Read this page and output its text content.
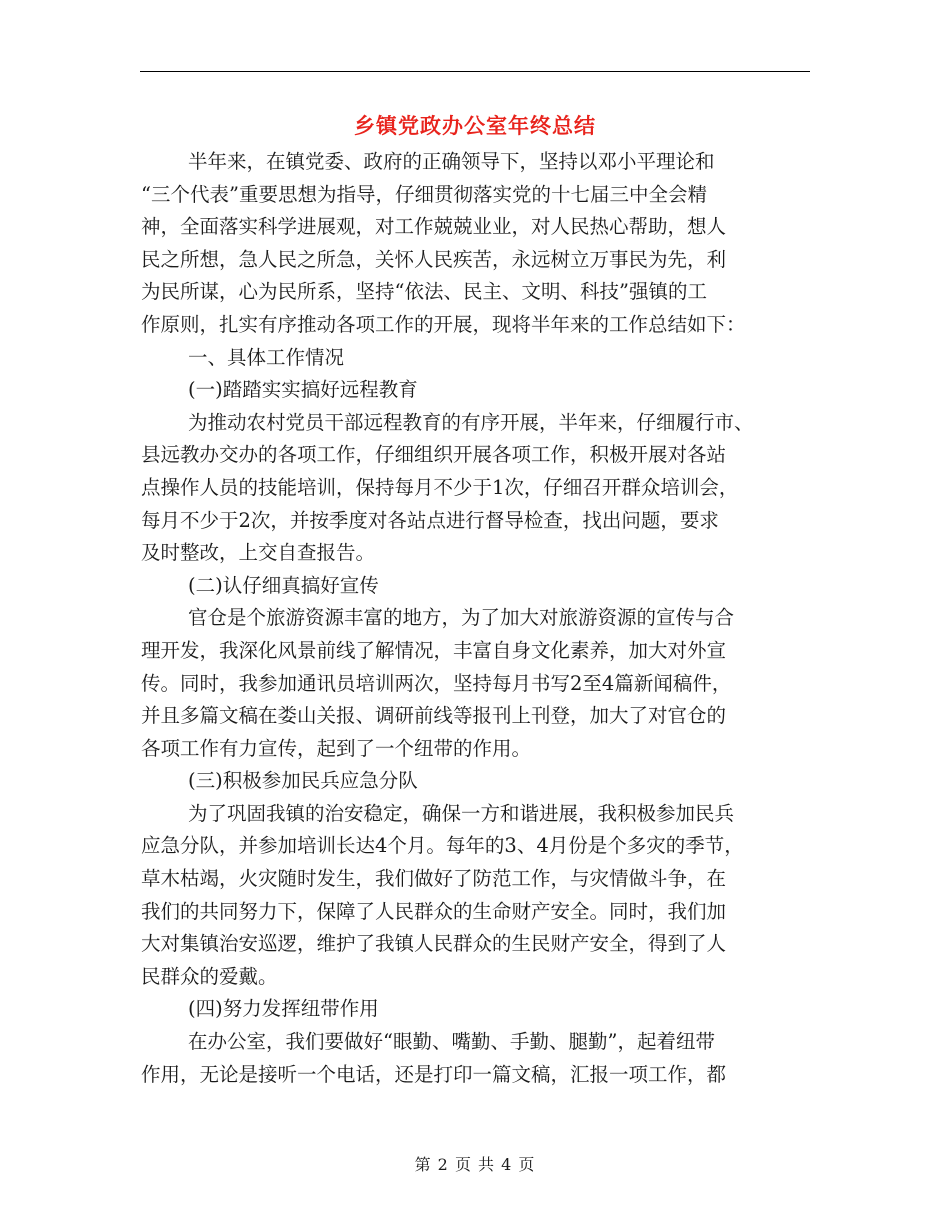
乡镇党政办公室年终总结
半年来，在镇党委、政府的正确领导下，坚持以邓小平理论和
“三个代表”重要思想为指导，仔细贯彻落实党的十七届三中全会精
神，全面落实科学进展观，对工作兢兢业业，对人民热心帮助，想人
民之所想，急人民之所急，关怀人民疾苦，永远树立万事民为先，利
为民所谋，心为民所系，坚持“依法、民主、文明、科技”强镇的工
作原则，扎实有序推动各项工作的开展，现将半年来的工作总结如下：
一、具体工作情况
(一)踏踏实实搞好远程教育
为推动农村党员干部远程教育的有序开展，半年来，仔细履行市、
县远教办交办的各项工作，仔细组织开展各项工作，积极开展对各站
点操作人员的技能培训，保持每月不少于1次，仔细召开群众培训会，
每月不少于2次，并按季度对各站点进行督导检查，找出问题，要求
及时整改，上交自查报告。
(二)认仔细真搞好宣传
官仓是个旅游资源丰富的地方，为了加大对旅游资源的宣传与合
理开发，我深化风景前线了解情况，丰富自身文化素养，加大对外宣
传。同时，我参加通讯员培训两次，坚持每月书写2至4篇新闻稿件，
并且多篇文稿在娄山关报、调研前线等报刊上刊登，加大了对官仓的
各项工作有力宣传，起到了一个纽带的作用。
(三)积极参加民兵应急分队
为了巩固我镇的治安稳定，确保一方和谐进展，我积极参加民兵
应急分队，并参加培训长达4个月。每年的3、4月份是个多灾的季节，
草木枯竭，火灾随时发生，我们做好了防范工作，与灾情做斗争，在
我们的共同努力下，保障了人民群众的生命财产安全。同时，我们加
大对集镇治安巡逻，维护了我镇人民群众的生民财产安全，得到了人
民群众的爱戴。
(四)努力发挥纽带作用
在办公室，我们要做好“眼勤、嘴勤、手勤、腿勤”，起着纽带
作用，无论是接听一个电话，还是打印一篇文稿，汇报一项工作，都
第 2 页 共 4 页
